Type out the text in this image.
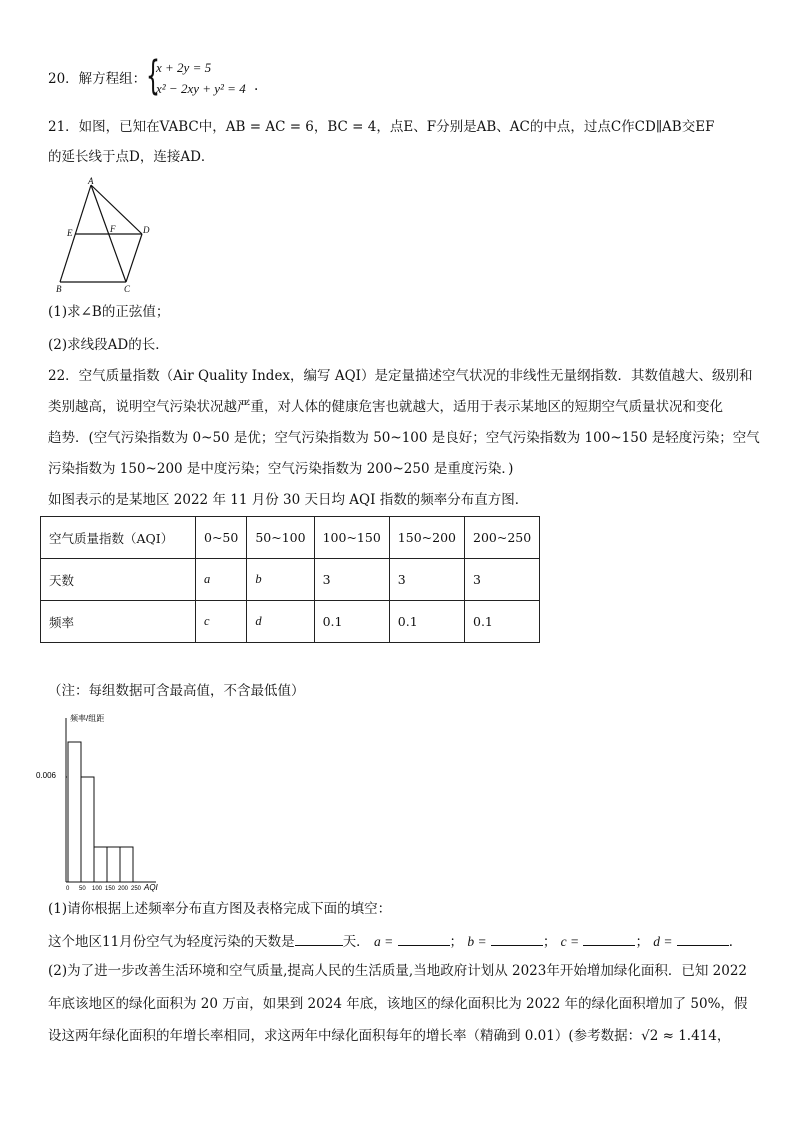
20．解方程组： {
x + 2y = 5
x² − 2xy + y² = 4 .
21．如图，已知在VABC中，AB = AC = 6，BC = 4，点E、F分别是AB、AC的中点，过点C作CD∥AB交EF
的延长线于点D，连接AD．
A
E	F	D
B	C
(1)求∠B的正弦值；
(2)求线段AD的长．
22．空气质量指数（Air Quality Index，编写 AQI）是定量描述空气状况的非线性无量纲指数．其数值越大、级别和
类别越高，说明空气污染状况越严重，对人体的健康危害也就越大，适用于表示某地区的短期空气质量状况和变化
趋势．(空气污染指数为 0~50 是优；空气污染指数为 50~100 是良好；空气污染指数为 100~150 是轻度污染；空气
污染指数为 150~200 是中度污染；空气污染指数为 200~250 是重度污染．)
如图表示的是某地区 2022 年 11 月份 30 天日均 AQI 指数的频率分布直方图．
空气质量指数（AQI）	0~50	50~100	100~150	150~200	200~250
天数	a	b	3	3	3
频率	c	d	0.1	0.1	0.1
（注：每组数据可含最高值，不含最低值）
频率/组距
0.006
AQI
0 50 100 150 200 250
(1)请你根据上述频率分布直方图及表格完成下面的填空：
这个地区11月份空气为轻度污染的天数是	天． a =	； b =	； c =	； d =	．
(2)为了进一步改善生活环境和空气质量,提高人民的生活质量,当地政府计划从 2023年开始增加绿化面积．已知 2022
年底该地区的绿化面积为 20 万亩，如果到 2024 年底，该地区的绿化面积比为 2022 年的绿化面积增加了 50%，假
设这两年绿化面积的年增长率相同，求这两年中绿化面积每年的增长率（精确到 0.01）(参考数据：√2 ≈ 1.414，
